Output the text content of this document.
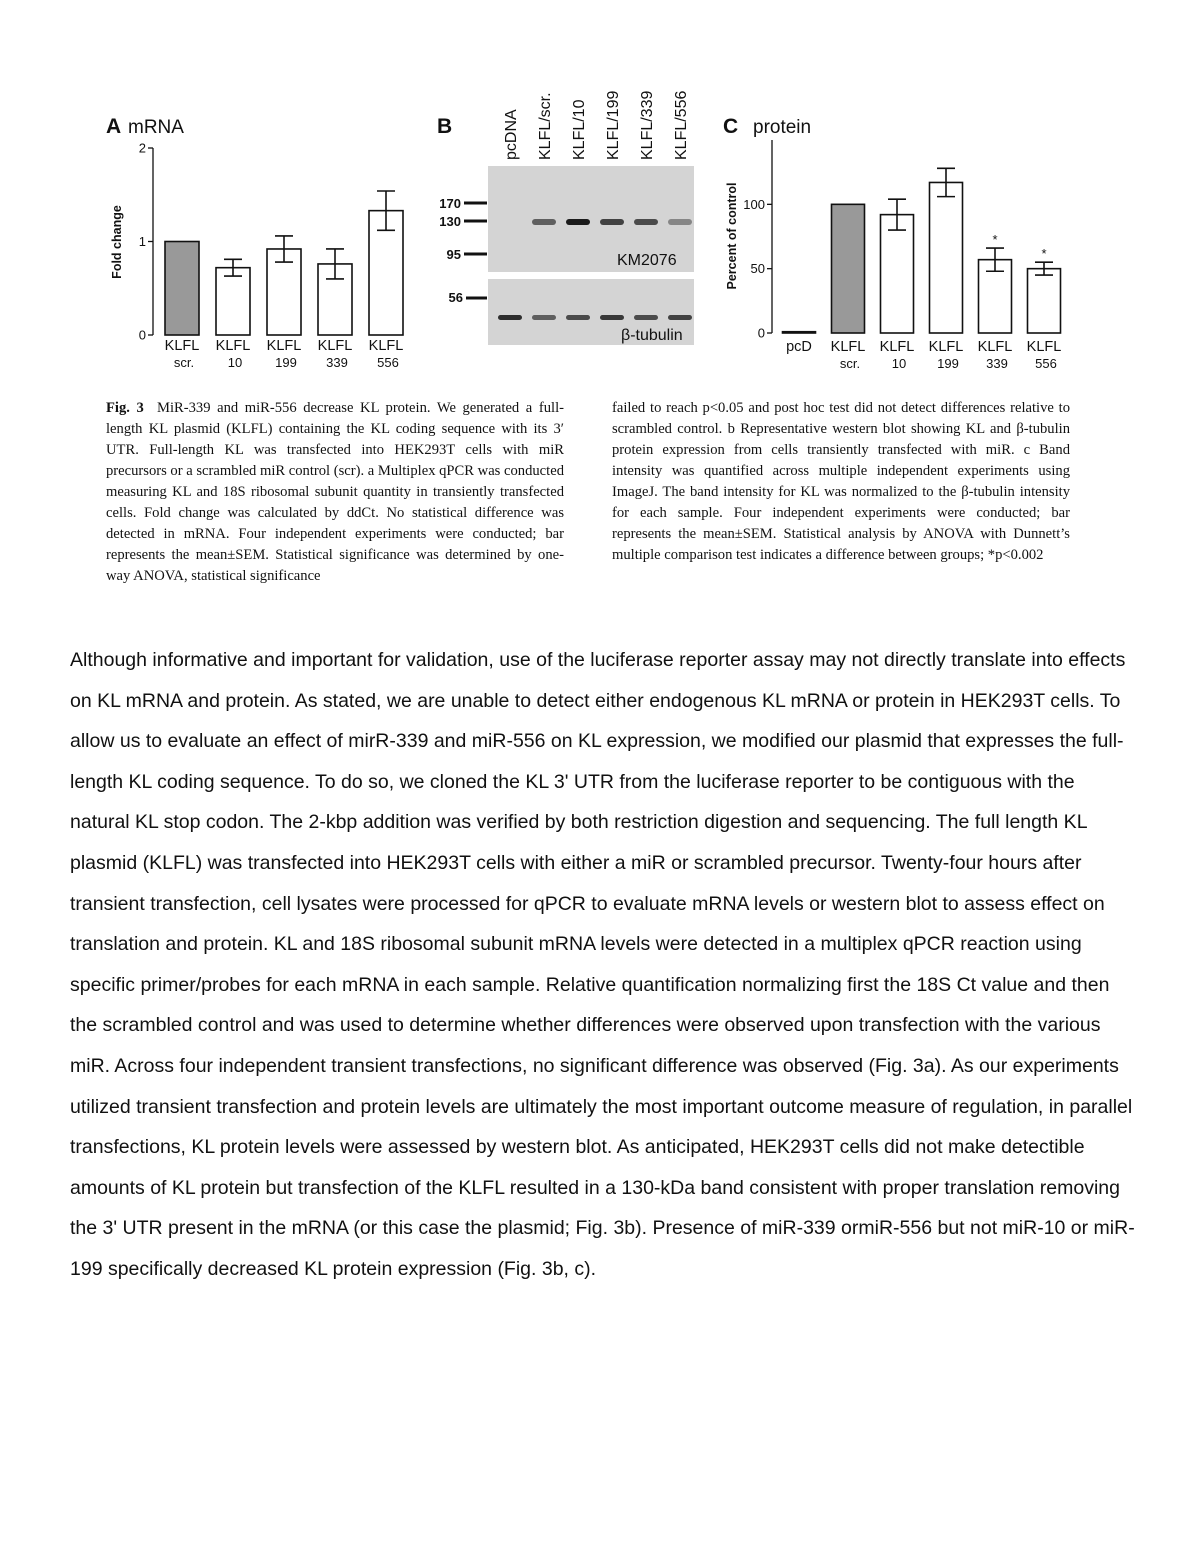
A mRNA
Fold change
0
1
2
KLFL
scr.
KLFL
10
KLFL
199
KLFL
339
KLFL
556
B	pcDNA KLFL/scr. KLFL/10 KLFL/199 KLFL/339 KLFL/556
170
130
95
56
KM2076
β-tubulin
C protein
Percent of control
0
50
100
pcD KLFL
scr.
KLFL
10
KLFL
199
*
KLFL
339
*
KLFL
556
Fig. 3 MiR-339 and miR-556 decrease KL protein. We generated a full-length KL plasmid (KLFL) containing the KL coding sequence with its 3′ UTR. Full-length KL was transfected into HEK293T cells with miR precursors or a scrambled miR control (scr). a Multiplex qPCR was conducted measuring KL and 18S ribosomal subunit quantity in transiently transfected cells. Fold change was calculated by ddCt. No statistical difference was detected in mRNA. Four independent experiments were conducted; bar represents the mean±SEM. Statistical significance was determined by one-way ANOVA, statistical significance
failed to reach p<0.05 and post hoc test did not detect differences relative to scrambled control. b Representative western blot showing KL and β-tubulin protein expression from cells transiently transfected with miR. c Band intensity was quantified across multiple independent experiments using ImageJ. The band intensity for KL was normalized to the β-tubulin intensity for each sample. Four independent experiments were conducted; bar represents the mean±SEM. Statistical analysis by ANOVA with Dunnett’s multiple comparison test indicates a difference between groups; *p<0.002

Although informative and important for validation, use of the luciferase reporter assay may not directly translate into effects on KL mRNA and protein. As stated, we are unable to detect either endogenous KL mRNA or protein in HEK293T cells. To allow us to evaluate an effect of mirR-339 and miR-556 on KL expression, we modified our plasmid that expresses the full-length KL coding sequence. To do so, we cloned the KL 3' UTR from the luciferase reporter to be contiguous with the natural KL stop codon. The 2-kbp addition was verified by both restriction digestion and sequencing. The full length KL plasmid (KLFL) was transfected into HEK293T cells with either a miR or scrambled precursor. Twenty-four hours after transient transfection, cell lysates were processed for qPCR to evaluate mRNA levels or western blot to assess effect on translation and protein. KL and 18S ribosomal subunit mRNA levels were detected in a multiplex qPCR reaction using specific primer/probes for each mRNA in each sample. Relative quantification normalizing first the 18S Ct value and then the scrambled control and was used to determine whether differences were observed upon transfection with the various miR. Across four independent transient transfections, no significant difference was observed (Fig. 3a). As our experiments utilized transient transfection and protein levels are ultimately the most important outcome measure of regulation, in parallel transfections, KL protein levels were assessed by western blot. As anticipated, HEK293T cells did not make detectible amounts of KL protein but transfection of the KLFL resulted in a 130-kDa band consistent with proper translation removing the 3' UTR present in the mRNA (or this case the plasmid; Fig. 3b). Presence of miR-339 ormiR-556 but not miR-10 or miR- 199 specifically decreased KL protein expression (Fig. 3b, c).
